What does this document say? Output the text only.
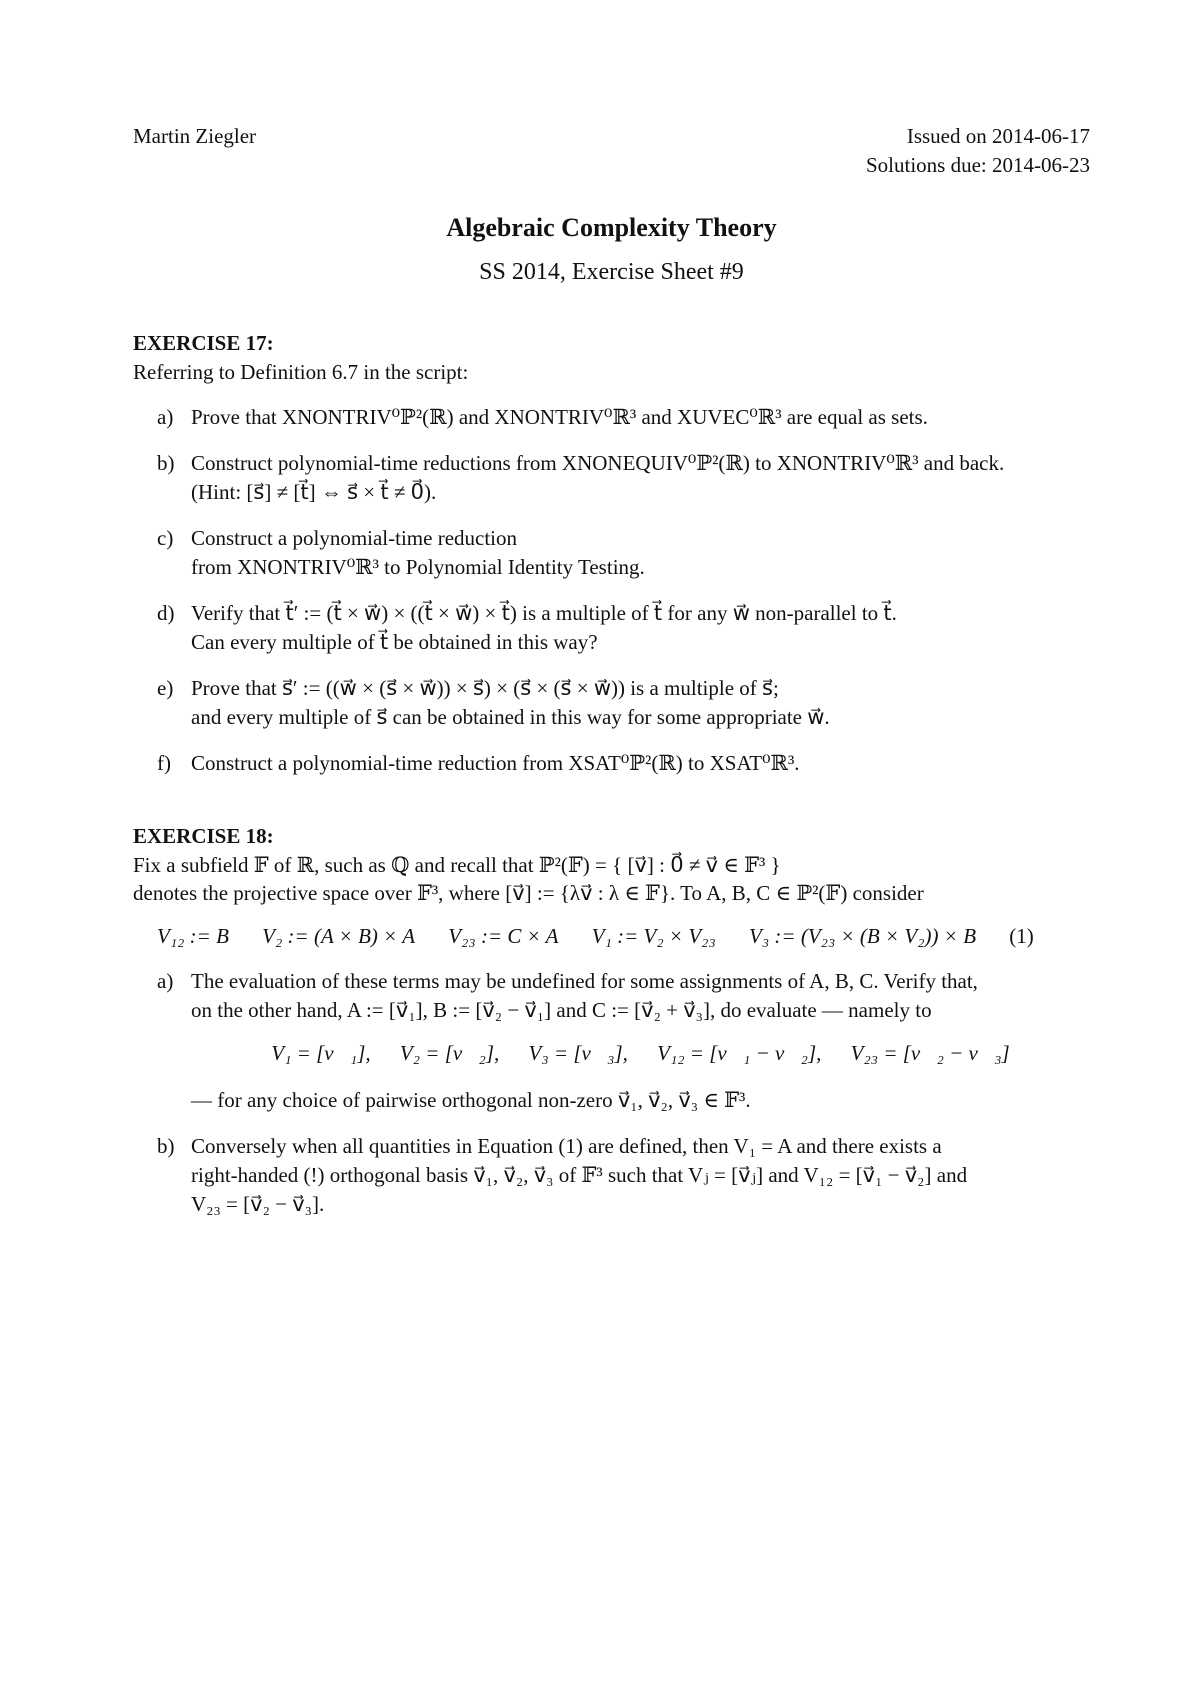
Martin Ziegler	Issued on 2014-06-17
Solutions due: 2014-06-23
Algebraic Complexity Theory
SS 2014, Exercise Sheet #9
EXERCISE 17:
Referring to Definition 6.7 in the script:
a) Prove that XNONTRIV⁰ℙ²(ℝ) and XNONTRIV⁰ℝ³ and XUVEC⁰ℝ³ are equal as sets.
b) Construct polynomial-time reductions from XNONEQUIV⁰ℙ²(ℝ) to XNONTRIV⁰ℝ³ and back.
(Hint: [s⃗] ≠ [t⃗] ⇔ s⃗ × t⃗ ≠ 0⃗).
c) Construct a polynomial-time reduction
from XNONTRIV⁰ℝ³ to Polynomial Identity Testing.
d) Verify that t⃗′ := (t⃗ × w⃗) × ((t⃗ × w⃗) × t⃗) is a multiple of t⃗ for any w⃗ non-parallel to t⃗.
Can every multiple of t⃗ be obtained in this way?
e) Prove that s⃗′ := ((w⃗ × (s⃗ × w⃗)) × s⃗) × (s⃗ × (s⃗ × w⃗)) is a multiple of s⃗;
and every multiple of s⃗ can be obtained in this way for some appropriate w⃗.
f) Construct a polynomial-time reduction from XSAT⁰ℙ²(ℝ) to XSAT⁰ℝ³.
EXERCISE 18:
Fix a subfield 𝔽 of ℝ, such as ℚ and recall that ℙ²(𝔽) = { [v⃗] : 0⃗ ≠ v⃗ ∈ 𝔽³ }
denotes the projective space over 𝔽³, where [v⃗] := {λv⃗ : λ ∈ 𝔽}. To A, B, C ∈ ℙ²(𝔽) consider
V₁₂ := B V₂ := (A × B) × A V₂₃ := C × A V₁ := V₂ × V₂₃ V₃ := (V₂₃ × (B × V₂)) × B (1)
a) The evaluation of these terms may be undefined for some assignments of A, B, C. Verify that,
on the other hand, A := [v⃗₁], B := [v⃗₂ − v⃗₁] and C := [v⃗₂ + v⃗₃], do evaluate — namely to
V₁ = [v⃗₁], V₂ = [v⃗₂], V₃ = [v⃗₃], V₁₂ = [v⃗₁ − v⃗₂], V₂₃ = [v⃗₂ − v⃗₃]
— for any choice of pairwise orthogonal non-zero v⃗₁, v⃗₂, v⃗₃ ∈ 𝔽³.
b) Conversely when all quantities in Equation (1) are defined, then V₁ = A and there exists a
right-handed (!) orthogonal basis v⃗₁, v⃗₂, v⃗₃ of 𝔽³ such that Vⱼ = [v⃗ⱼ] and V₁₂ = [v⃗₁ − v⃗₂] and
V₂₃ = [v⃗₂ − v⃗₃].
